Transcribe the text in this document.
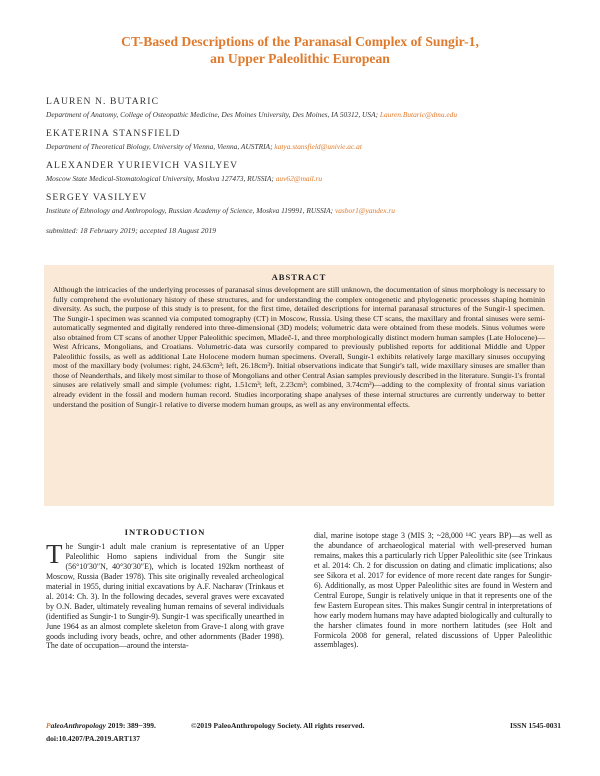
CT-Based Descriptions of the Paranasal Complex of Sungir-1,
an Upper Paleolithic European
LAUREN N. BUTARIC
Department of Anatomy, College of Osteopathic Medicine, Des Moines University, Des Moines, IA 50312, USA; Lauren.Butaric@dmu.edu
EKATERINA STANSFIELD
Department of Theoretical Biology, University of Vienna, Vienna, AUSTRIA; katya.stansfield@univie.ac.at
ALEXANDER YURIEVICH VASILYEV
Moscow State Medical-Stomatological University, Moskva 127473, RUSSIA; auv62@mail.ru
SERGEY VASILYEV
Institute of Ethnology and Anthropology, Russian Academy of Science, Moskva 119991, RUSSIA; vasbor1@yandex.ru
submitted: 18 February 2019; accepted 18 August 2019
ABSTRACT
Although the intricacies of the underlying processes of paranasal sinus development are still unknown, the documentation of sinus morphology is necessary to fully comprehend the evolutionary history of these structures, and for understanding the complex ontogenetic and phylogenetic processes shaping hominin diversity. As such, the purpose of this study is to present, for the first time, detailed descriptions for internal paranasal structures of the Sungir-1 specimen. The Sungir-1 specimen was scanned via computed tomography (CT) in Moscow, Russia. Using these CT scans, the maxillary and frontal sinuses were semi-automatically segmented and digitally rendered into three-dimensional (3D) models; volumetric data were obtained from these models. Sinus volumes were also obtained from CT scans of another Upper Paleolithic specimen, Mladeč-1, and three morphologically distinct modern human samples (Late Holocene)—West Africans, Mongolians, and Croatians. Volumetric-data was cursorily compared to previously published reports for additional Middle and Upper Paleolithic fossils, as well as additional Late Holocene modern human specimens. Overall, Sungir-1 exhibits relatively large maxillary sinuses occupying most of the maxillary body (volumes: right, 24.63cm³; left, 26.18cm³). Initial observations indicate that Sungir's tall, wide maxillary sinuses are smaller than those of Neanderthals, and likely most similar to those of Mongolians and other Central Asian samples previously described in the literature. Sungir-1's frontal sinuses are relatively small and simple (volumes: right, 1.51cm³; left, 2.23cm³; combined, 3.74cm³)—adding to the complexity of frontal sinus variation already evident in the fossil and modern human record. Studies incorporating shape analyses of these internal structures are currently underway to better understand the position of Sungir-1 relative to diverse modern human groups, as well as any environmental effects.
INTRODUCTION
The Sungir-1 adult male cranium is representative of an Upper Paleolithic Homo sapiens individual from the Sungir site (56°10′30″N, 40°30′30″E), which is located 192km northeast of Moscow, Russia (Bader 1978). This site originally revealed archeological material in 1955, during initial excavations by A.F. Nacharav (Trinkaus et al. 2014: Ch. 3). In the following decades, several graves were excavated by O.N. Bader, ultimately revealing human remains of several individuals (identified as Sungir-1 to Sungir-9). Sungir-1 was specifically unearthed in June 1964 as an almost complete skeleton from Grave-1 along with grave goods including ivory beads, ochre, and other adornments (Bader 1998). The date of occupation—around the intersta-
dial, marine isotope stage 3 (MIS 3; ~28,000 ¹⁴C years BP)—as well as the abundance of archaeological material with well-preserved human remains, makes this a particularly rich Upper Paleolithic site (see Trinkaus et al. 2014: Ch. 2 for discussion on dating and climatic implications; also see Sikora et al. 2017 for evidence of more recent date ranges for Sungir-6). Additionally, as most Upper Paleolithic sites are found in Western and Central Europe, Sungir is relatively unique in that it represents one of the few Eastern European sites. This makes Sungir central in interpretations of how early modern humans may have adapted biologically and culturally to the harsher climates found in more northern latitudes (see Holt and Formicola 2008 for general, related discussions of Upper Paleolithic assemblages).
PaleoAnthropology 2019: 389−399.	©2019 PaleoAnthropology Society. All rights reserved.	ISSN 1545-0031
doi:10.4207/PA.2019.ART137
